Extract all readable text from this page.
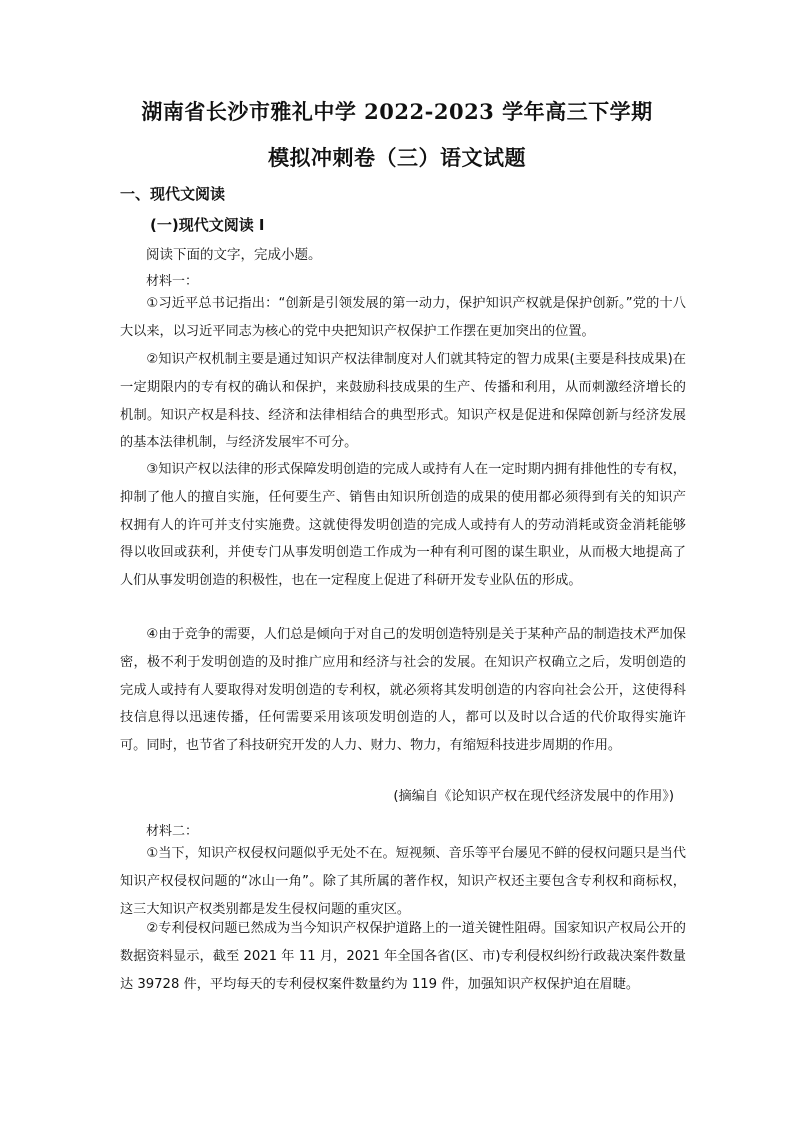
湖南省长沙市雅礼中学 2022-2023 学年高三下学期
模拟冲刺卷（三）语文试题
一、现代文阅读
(一)现代文阅读 I
阅读下面的文字，完成小题。
材料一：

①习近平总书记指出：“创新是引领发展的第一动力，保护知识产权就是保护创新。”党的十八大以来，以习近平同志为核心的党中央把知识产权保护工作摆在更加突出的位置。

②知识产权机制主要是通过知识产权法律制度对人们就其特定的智力成果(主要是科技成果)在一定期限内的专有权的确认和保护，来鼓励科技成果的生产、传播和利用，从而刺激经济增长的机制。知识产权是科技、经济和法律相结合的典型形式。知识产权是促进和保障创新与经济发展的基本法律机制，与经济发展牢不可分。

③知识产权以法律的形式保障发明创造的完成人或持有人在一定时期内拥有排他性的专有权，抑制了他人的擅自实施，任何要生产、销售由知识所创造的成果的使用都必须得到有关的知识产权拥有人的许可并支付实施费。这就使得发明创造的完成人或持有人的劳动消耗或资金消耗能够得以收回或获利，并使专门从事发明创造工作成为一种有利可图的谋生职业，从而极大地提高了人们从事发明创造的积极性，也在一定程度上促进了科研开发专业队伍的形成。

④由于竞争的需要，人们总是倾向于对自己的发明创造特别是关于某种产品的制造技术严加保密，极不利于发明创造的及时推广应用和经济与社会的发展。在知识产权确立之后，发明创造的完成人或持有人要取得对发明创造的专利权，就必须将其发明创造的内容向社会公开，这使得科技信息得以迅速传播，任何需要采用该项发明创造的人，都可以及时以合适的代价取得实施许可。同时，也节省了科技研究开发的人力、财力、物力，有缩短科技进步周期的作用。

(摘编自《论知识产权在现代经济发展中的作用》)
材料二：

①当下，知识产权侵权问题似乎无处不在。短视频、音乐等平台屡见不鲜的侵权问题只是当代知识产权侵权问题的“冰山一角”。除了其所属的著作权，知识产权还主要包含专利权和商标权，这三大知识产权类别都是发生侵权问题的重灾区。

②专利侵权问题已然成为当今知识产权保护道路上的一道关键性阻碍。国家知识产权局公开的数据资料显示，截至 2021 年 11 月，2021 年全国各省(区、市)专利侵权纠纷行政裁决案件数量达 39728 件，平均每天的专利侵权案件数量约为 119 件，加强知识产权保护迫在眉睫。
